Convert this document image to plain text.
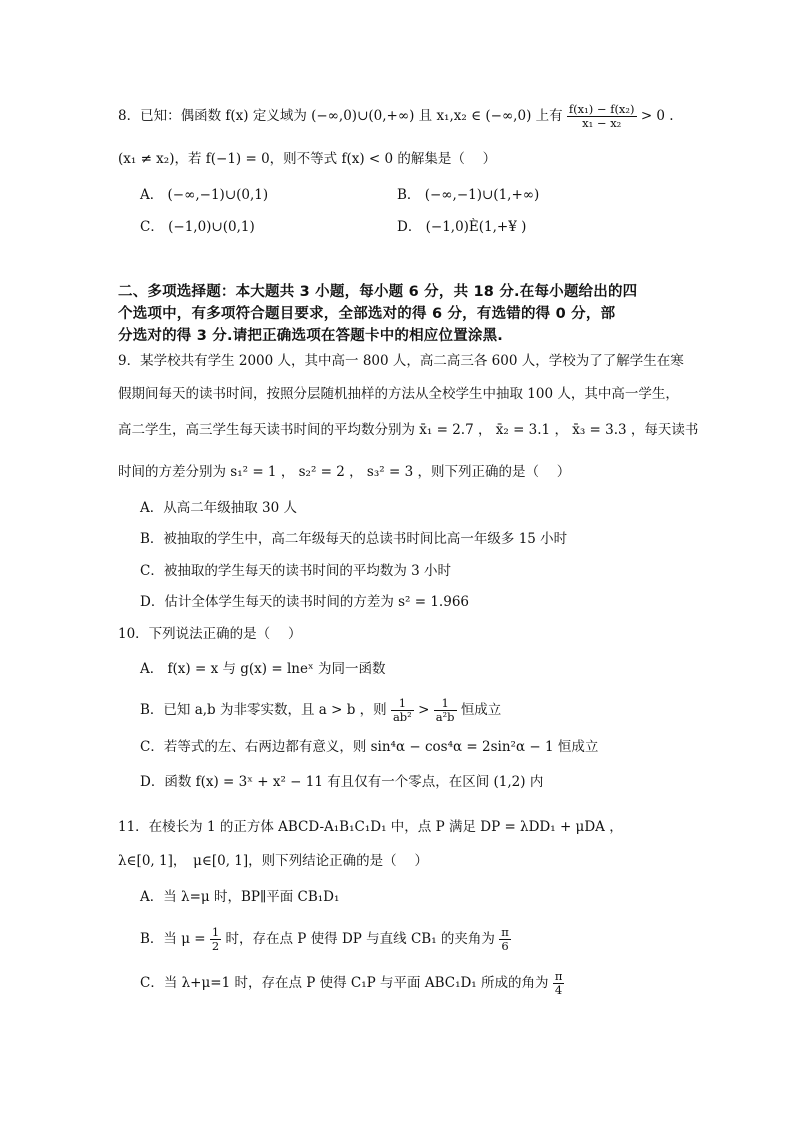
8．已知：偶函数 f(x) 定义域为 (−∞,0)∪(0,+∞) 且 x₁,x₂ ∈ (−∞,0) 上有 $\frac{\text{f(x₁) − f(x₂)}}{\text{x₁ − x₂}} > 0$ .
(x₁ ≠ x₂)，若 f(−1) = 0，则不等式 f(x) < 0 的解集是（　 ）
A． (−∞,−1)∪(0,1)	B． (−∞,−1)∪(1,+∞)
C． (−1,0)∪(0,1)	D． (−1,0)È(1,+¥ )
二、多项选择题：本大题共 3 小题，每小题 6 分，共 18 分.在每小题给出的四
个选项中，有多项符合题目要求，全部选对的得 6 分，有选错的得 0 分，部
分选对的得 3 分.请把正确选项在答题卡中的相应位置涂黑.
9．某学校共有学生 2000 人，其中高一 800 人，高二高三各 600 人，学校为了了解学生在寒
假期间每天的读书时间，按照分层随机抽样的方法从全校学生中抽取 100 人，其中高一学生，
高二学生，高三学生每天读书时间的平均数分别为 x̄₁ = 2.7 ， x̄₂ = 3.1 ， x̄₃ = 3.3 ，每天读书
时间的方差分别为 s₁² = 1 ， s₂² = 2 ， s₃² = 3 ，则下列正确的是（　 ）
A．从高二年级抽取 30 人
B．被抽取的学生中，高二年级每天的总读书时间比高一年级多 15 小时
C．被抽取的学生每天的读书时间的平均数为 3 小时
D．估计全体学生每天的读书时间的方差为 s² = 1.966
10．下列说法正确的是（　 ）
A． f(x) = x 与 g(x) = lneˣ 为同一函数
B．已知 a,b 为非零实数，且 a > b ，则 $\frac{1}{\text{ab²}} > \frac{1}{\text{a²b}}$ 恒成立
C．若等式的左、右两边都有意义，则 sin⁴α − cos⁴α = 2sin²α − 1 恒成立
D．函数 f(x) = 3ˣ + x² − 11 有且仅有一个零点，在区间 (1,2) 内
11．在棱长为 1 的正方体 ABCD-A₁B₁C₁D₁ 中，点 P 满足 DP = λDD₁ + μDA ，
λ∈[0, 1]，　μ∈[0, 1]，则下列结论正确的是（　 ）
A．当 λ=μ 时，BP∥平面 CB₁D₁
B．当 $\mu = \frac{1}{2}$ 时，存在点 P 使得 DP 与直线 CB₁ 的夹角为 $\frac{\pi}{6}$
C．当 λ+μ=1 时，存在点 P 使得 C₁P 与平面 ABC₁D₁ 所成的角为 $\frac{\pi}{4}$
